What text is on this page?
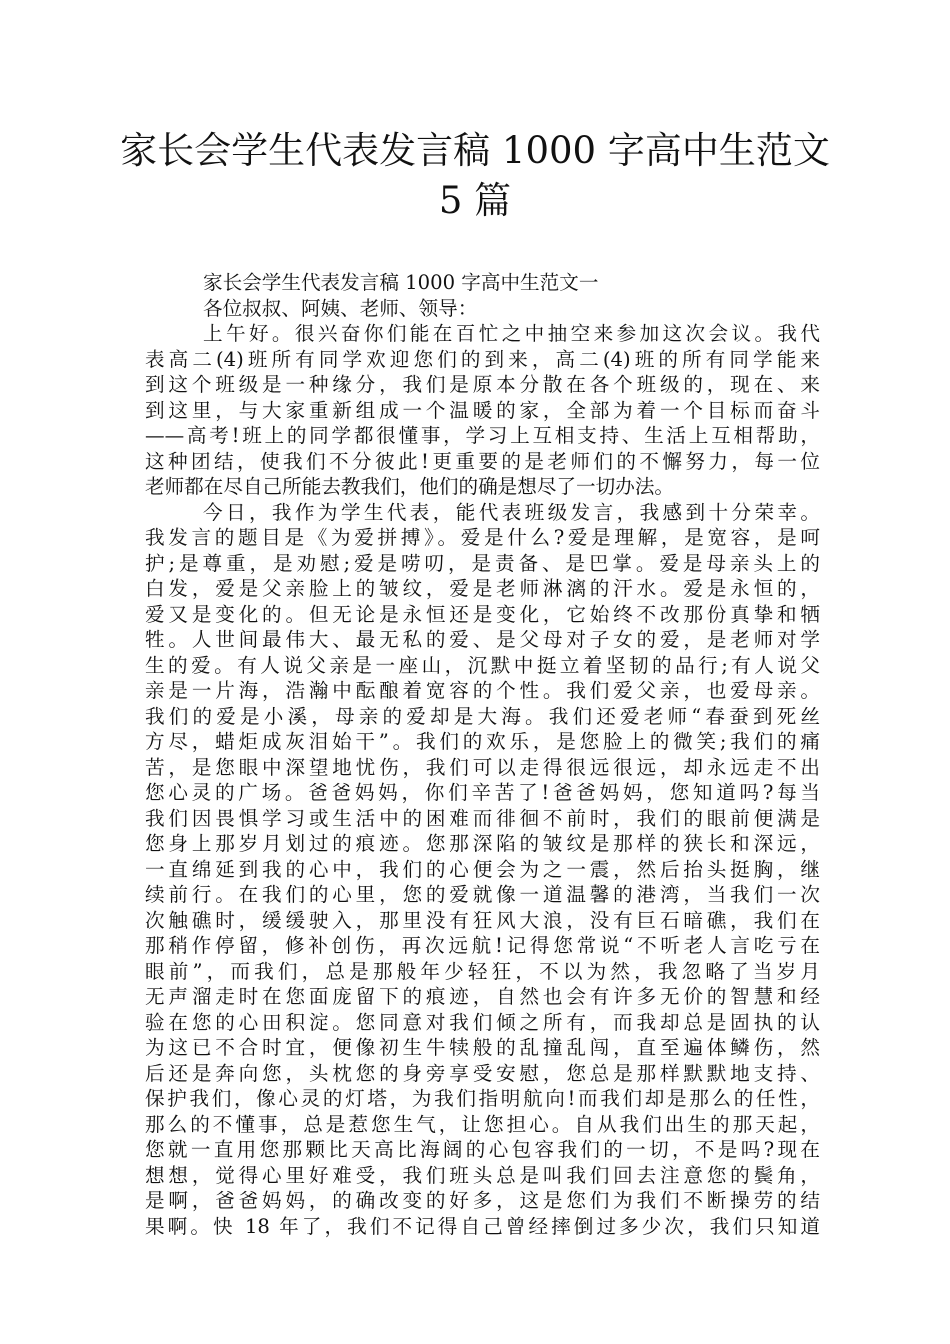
家长会学生代表发言稿 1000 字高中生范文
5 篇
家长会学生代表发言稿 1000 字高中生范文一
各位叔叔、阿姨、老师、领导：
上午好。很兴奋你们能在百忙之中抽空来参加这次会议。我代
表高二(4)班所有同学欢迎您们的到来，高二(4)班的所有同学能来
到这个班级是一种缘分，我们是原本分散在各个班级的，现在、来
到这里，与大家重新组成一个温暖的家，全部为着一个目标而奋斗
——高考!班上的同学都很懂事，学习上互相支持、生活上互相帮助，
这种团结，使我们不分彼此!更重要的是老师们的不懈努力，每一位
老师都在尽自己所能去教我们，他们的确是想尽了一切办法。
今日，我作为学生代表，能代表班级发言，我感到十分荣幸。
我发言的题目是《为爱拼搏》。爱是什么?爱是理解，是宽容，是呵
护;是尊重，是劝慰;爱是唠叨，是责备、是巴掌。爱是母亲头上的
白发，爱是父亲脸上的皱纹，爱是老师淋漓的汗水。爱是永恒的，
爱又是变化的。但无论是永恒还是变化，它始终不改那份真挚和牺
牲。人世间最伟大、最无私的爱、是父母对子女的爱，是老师对学
生的爱。有人说父亲是一座山，沉默中挺立着坚韧的品行;有人说父
亲是一片海，浩瀚中酝酿着宽容的个性。我们爱父亲，也爱母亲。
我们的爱是小溪，母亲的爱却是大海。我们还爱老师“春蚕到死丝
方尽，蜡炬成灰泪始干”。我们的欢乐，是您脸上的微笑;我们的痛
苦，是您眼中深望地忧伤，我们可以走得很远很远，却永远走不出
您心灵的广场。爸爸妈妈，你们辛苦了!爸爸妈妈，您知道吗?每当
我们因畏惧学习或生活中的困难而徘徊不前时，我们的眼前便满是
您身上那岁月划过的痕迹。您那深陷的皱纹是那样的狭长和深远，
一直绵延到我的心中，我们的心便会为之一震，然后抬头挺胸，继
续前行。在我们的心里，您的爱就像一道温馨的港湾，当我们一次
次触礁时，缓缓驶入，那里没有狂风大浪，没有巨石暗礁，我们在
那稍作停留，修补创伤，再次远航!记得您常说“不听老人言吃亏在
眼前”，而我们，总是那般年少轻狂，不以为然，我忽略了当岁月
无声溜走时在您面庞留下的痕迹，自然也会有许多无价的智慧和经
验在您的心田积淀。您同意对我们倾之所有，而我却总是固执的认
为这已不合时宜，便像初生牛犊般的乱撞乱闯，直至遍体鳞伤，然
后还是奔向您，头枕您的身旁享受安慰，您总是那样默默地支持、
保护我们，像心灵的灯塔，为我们指明航向!而我们却是那么的任性，
那么的不懂事，总是惹您生气，让您担心。自从我们出生的那天起，
您就一直用您那颗比天高比海阔的心包容我们的一切，不是吗?现在
想想，觉得心里好难受，我们班头总是叫我们回去注意您的鬓角，
是啊，爸爸妈妈，的确改变的好多，这是您们为我们不断操劳的结
果啊。快 18 年了，我们不记得自己曾经摔倒过多少次，我们只知道
